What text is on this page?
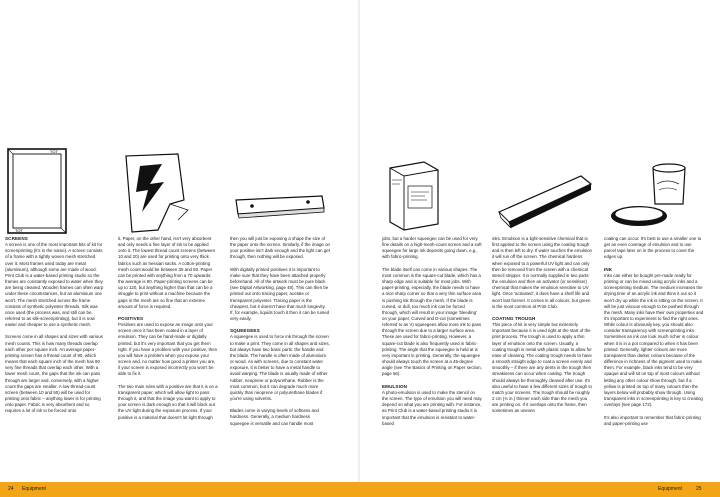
TOT
TOT
SCREENS

A screen is one of the most important bits of kit for screenprinting (it's in the name). A screen consists of a frame with a tightly woven mesh stretched over it. Most frames used today are metal (aluminium), although some are made of wood. Print Club is a water-based printing studio so the frames are constantly exposed to water when they are being cleaned. Wooden frames can often warp under these circumstances, but an aluminium one won't. The mesh stretched across the frame consists of synthetic polyester threads. Silk was once used (the process was, and still can be, referred to as silk-screenprinting), but it is now easier and cheaper to use a synthetic mesh.

Screens come in all shapes and sizes with various mesh counts. This is how many threads overlap each other per square inch. An average paper-printing screen has a thread count of 90, which means that each square inch of the mesh has 90 very fine threads that overlap each other. With a lower mesh count, the gaps that the ink can pass through are larger and, conversely, with a higher count the gaps are smaller. A low-thread-count screen (between 10 and 50) will be used for printing onto fabric – anything lower is for printing onto paper. Fabric is very absorbent and so requires a lot of ink to be forced onto

it. Paper, on the other hand, isn't very absorbent and only needs a fine layer of ink to be applied onto it. The lowest thread count screens (between 10 and 20) are used for printing onto very thick fabrics such as hessian sacks. A cotton-printing mesh count would be between 35 and 50. Paper can be printed with anything from a 70 upwards; the average is 90. Paper-printing screens can be up to 120, but anything higher than that can be a struggle to print without a machine because the gaps in the mesh are so fine that an extreme amount of force is required.

POSITIVES

Positives are used to expose an image onto your screen once it has been coated in a layer of emulsion. They can be hand-made or digitally printed, but it's very important that you get them right. If you have a problem with your positive, then you will have a problem when you expose your screen and, no matter how good a printer you are, if your screen is exposed incorrectly you won't be able to fix it.

The two main rules with a positive are that it is on a transparent paper, which will allow light to pass through it, and that the image you want to apply to your screen is dark enough so that it will block out the UV light during the exposure process. If your positive is a material that doesn't let light through

then you will just be exposing a shape the size of the paper onto the screen. Similarly, if the image on your positive isn't dark enough and the light can get through, then nothing will be exposed.

With digitally printed positives it is important to make sure that they have been attached properly beforehand. All of the artwork must be pure black (see Digital Artworking, page 48). This can then be printed out onto tracing paper, acetate or transparent polyester. Tracing paper is the cheapest, but it doesn't have that much longevity. If, for example, liquids touch it then it can be ruined very easily.

SQUEEGEES

A squeegee is used to force ink through the screen to make a print. They come in all shapes and sizes, but always have two basic parts: the handle and the blade. The handle is often made of aluminium or wood. As with screens, due to constant water exposure, it is better to have a metal handle to avoid warping. The blade is usually made of either rubber, neoprene or polyurethane. Rubber is the most common, but it can degrade much more quickly than neoprene or polyurethane blades if you're using solvents.

Blades come in varying levels of softness and hardness. Generally, a medium hardness squeegee is versatile and can handle most

jobs, but a harder squeegee can be used for very fine details on a high-mesh-count screen and a soft squeegee for large ink deposits going down, e.g., with fabric-printing.

The blade itself can come in various shapes. The most common is the square-cut blade, which has a sharp edge and is suitable for most jobs. With paper-printing, especially, the blade needs to have a nice sharp corner so that a very thin surface area is pushing ink through the mesh. If the blade is curved, or dull, too much ink can be forced through, which will result in your image 'bleeding' on your paper. Curved and D-cut (sometimes referred to as V) squeegees allow more ink to pass through the screen due to a larger surface area. These are used for fabric-printing. However, a square-cut blade is also frequently used in fabric-printing. The angle that the squeegee is held at is very important in printing. Generally, the squeegee should always touch the screen at a 45-degree angle (see The Basics of Printing on Paper section, page 56).

EMULSION

A photo-emulsion is used to make the stencil on the screen. The type of emulsion you will need may depend on what you are printing with. For instance, as Print Club is a water-based printing studio it is important that the emulsion is resistant to water-based

inks. Emulsion is a light-sensitive chemical that is first applied to the screen using the coating trough and is then left to dry. If water touches the emulsion it will run off the screen. The chemical hardens when exposed to a powerful UV light and can only then be removed from the screen with a chemical stencil stripper. It is normally supplied in two parts: the emulsion and then an activator (or sensitiser) chemical that makes the emulsion sensitive to UV light. Once 'activated', it does have a shelf life and won't last forever. It comes in all colours, but green is the most common at Print Club.

COATING TROUGH

This piece of kit is very simple but extremely important because it is used right at the start of the print process. The trough is used to apply a thin layer of emulsion onto the screen. Usually, a coating trough is metal with plastic caps to allow for ease of cleaning. The coating trough needs to have a smooth straight edge to coat a screen evenly and smoothly – if there are any dents in the trough then streakiness can occur when coating. The trough should always be thoroughly cleaned after use. It's also useful to have a few different sizes of trough to match your screens. The trough should be roughly 2 cm (¾ in.) thinner each side than the mesh you are printing on. If it overlaps onto the frame, then sometimes an uneven

coating can occur. It's best to use a smaller one to get an even coverage of emulsion and to use parcel tape later on in the process to cover the edges up.

INK

Inks can either be bought pre-made ready for printing or can be mixed using acrylic inks and a screenprinting medium. The medium increases the drying time of an acrylic ink and thins it out so it won't dry up while the ink is sitting on the screen. It will be just viscous enough to be pushed through the mesh. Many inks have their own properties and it's important to experiment to find the right ones. While colour is obviously key, you should also consider transparency with screenprinting inks. Sometimes an ink can look much richer in colour when it is in a pot compared to when it has been printed. Generally, lighter colours are more transparent than darker colours because of the difference in richness of the pigment used to make them. For example, black inks tend to be very opaque and will sit on top of most colours without letting any other colour show through, but if a yellow is printed on top of many colours then the layers below will probably show through. Using transparent inks in screenprinting is key to creating overlays (see page 172).

It's also important to remember that fabric-printing and paper-printing use

24 Equipment	Equipment	25
